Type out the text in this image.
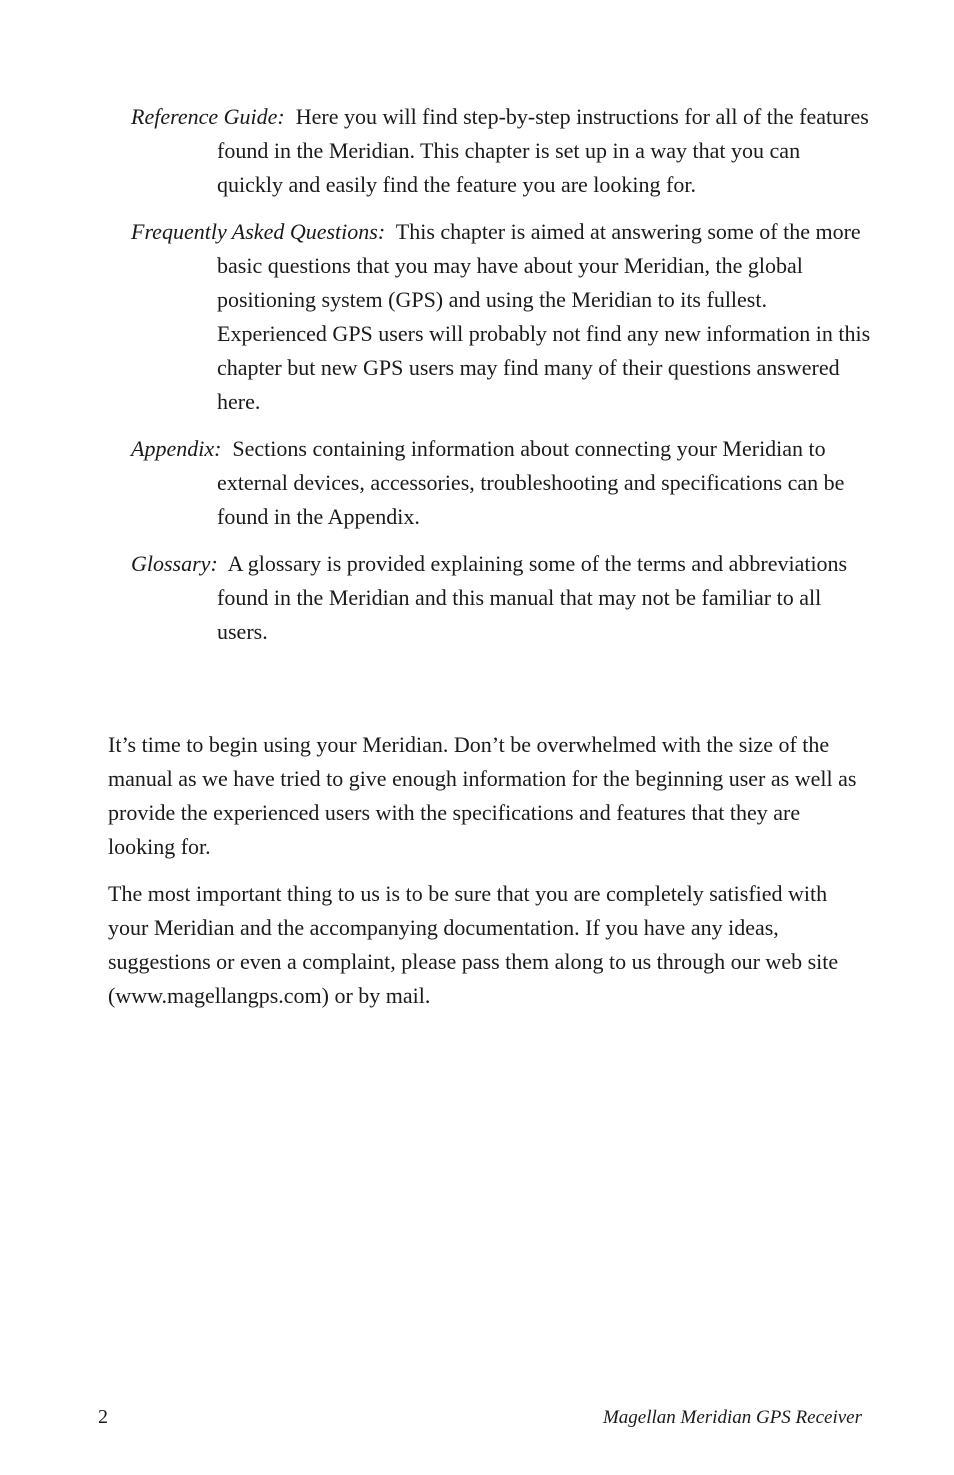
Reference Guide: Here you will find step-by-step instructions for all of the features found in the Meridian. This chapter is set up in a way that you can quickly and easily find the feature you are looking for.

Frequently Asked Questions: This chapter is aimed at answering some of the more basic questions that you may have about your Meridian, the global positioning system (GPS) and using the Meridian to its fullest. Experienced GPS users will probably not find any new information in this chapter but new GPS users may find many of their questions answered here.

Appendix: Sections containing information about connecting your Meridian to external devices, accessories, troubleshooting and specifications can be found in the Appendix.

Glossary: A glossary is provided explaining some of the terms and abbreviations found in the Meridian and this manual that may not be familiar to all users.

It’s time to begin using your Meridian. Don’t be overwhelmed with the size of the manual as we have tried to give enough information for the beginning user as well as provide the experienced users with the specifications and features that they are looking for.

The most important thing to us is to be sure that you are completely satisfied with your Meridian and the accompanying documentation. If you have any ideas, suggestions or even a complaint, please pass them along to us through our web site (www.magellangps.com) or by mail.

2	Magellan Meridian GPS Receiver
